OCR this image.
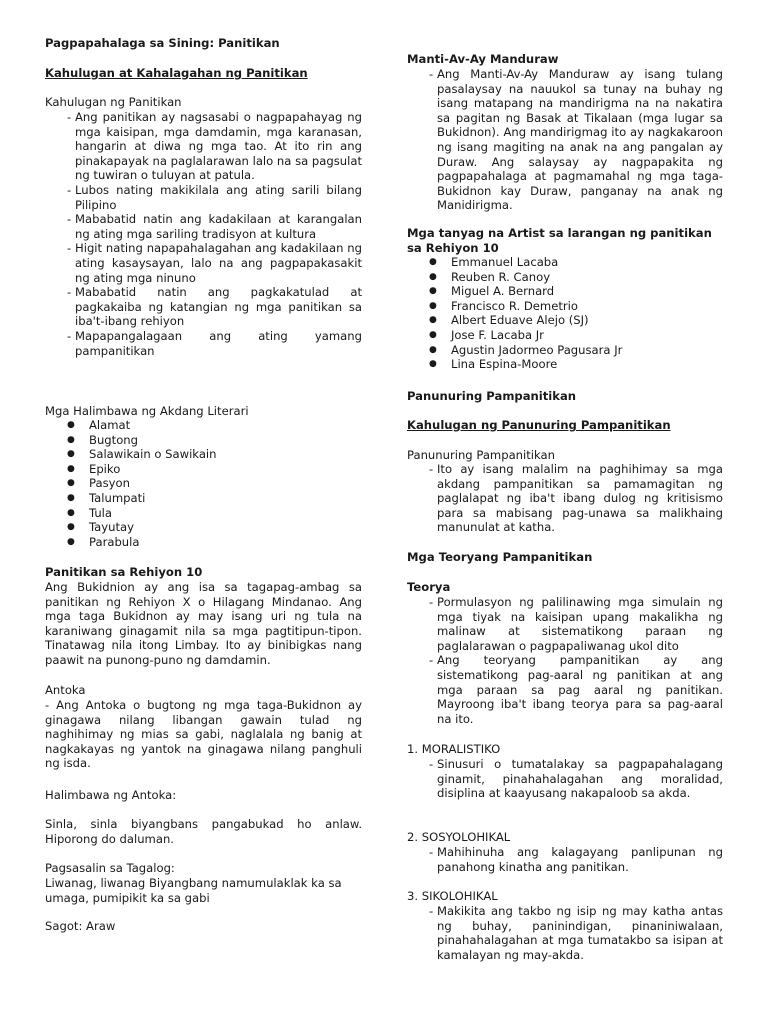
Pagpapahalaga sa Sining: Panitikan
Kahulugan at Kahalagahan ng Panitikan
Kahulugan ng Panitikan
- Ang panitikan ay nagsasabi o nagpapahayag ng mga kaisipan, mga damdamin, mga karanasan, hangarin at diwa ng mga tao. At ito rin ang pinakapayak na paglalarawan lalo na sa pagsulat ng tuwiran o tuluyan at patula.
- Lubos nating makikilala ang ating sarili bilang Pilipino
- Mababatid natin ang kadakilaan at karangalan ng ating mga sariling tradisyon at kultura
- Higit nating napapahalagahan ang kadakilaan ng ating kasaysayan, lalo na ang pagpapakasakit ng ating mga ninuno
- Mababatid natin ang pagkakatulad at pagkakaiba ng katangian ng mga panitikan sa iba't-ibang rehiyon
- Mapapangalagaan ang ating yamang pampanitikan
Mga Halimbawa ng Akdang Literari
● Alamat
● Bugtong
● Salawikain o Sawikain
● Epiko
● Pasyon
● Talumpati
● Tula
● Tayutay
● Parabula
Panitikan sa Rehiyon 10

Ang Bukidnion ay ang isa sa tagapag-ambag sa panitikan ng Rehiyon X o Hilagang Mindanao. Ang mga taga Bukidnon ay may isang uri ng tula na karaniwang ginagamit nila sa mga pagtitipun-tipon. Tinatawag nila itong Limbay. Ito ay binibigkas nang paawit na punong-puno ng damdamin.

Antoka

- Ang Antoka o bugtong ng mga taga-Bukidnon ay ginagawa nilang libangan gawain tulad ng naghihimay ng mias sa gabi, naglalala ng banig at nagkakayas ng yantok na ginagawa nilang panghuli ng isda.

Halimbawa ng Antoka:

Sinla, sinla biyangbans pangabukad ho anlaw. Hiporong do daluman.

Pagsasalin sa Tagalog:

Liwanag, liwanag Biyangbang namumulaklak ka sa umaga, pumipikit ka sa gabi

Sagot: Araw
Manti-Av-Ay Manduraw
- Ang Manti-Av-Ay Manduraw ay isang tulang pasalaysay na nauukol sa tunay na buhay ng isang matapang na mandirigma na na nakatira sa pagitan ng Basak at Tikalaan (mga lugar sa Bukidnon). Ang mandirigmag ito ay nagkakaroon ng isang magiting na anak na ang pangalan ay Duraw. Ang salaysay ay nagpapakita ng pagpapahalaga at pagmamahal ng mga taga-Bukidnon kay Duraw, panganay na anak ng Manidirigma.
Mga tanyag na Artist sa larangan ng panitikan sa Rehiyon 10
● Emmanuel Lacaba
● Reuben R. Canoy
● Miguel A. Bernard
● Francisco R. Demetrio
● Albert Eduave Alejo (SJ)
● Jose F. Lacaba Jr
● Agustin Jadormeo Pagusara Jr
● Lina Espina-Moore
Panunuring Pampanitikan
Kahulugan ng Panunuring Pampanitikan
Panunuring Pampanitikan
- Ito ay isang malalim na paghihimay sa mga akdang pampanitikan sa pamamagitan ng paglalapat ng iba't ibang dulog ng kritisismo para sa mabisang pag-unawa sa malikhaing manunulat at katha.
Mga Teoryang Pampanitikan
Teorya
- Pormulasyon ng palilinawing mga simulain ng mga tiyak na kaisipan upang makalikha ng malinaw at sistematikong paraan ng paglalarawan o pagpapaliwanag ukol dito
- Ang teoryang pampanitikan ay ang sistematikong pag-aaral ng panitikan at ang mga paraan sa pag aaral ng panitikan. Mayroong iba't ibang teorya para sa pag-aaral na ito.
1. MORALISTIKO
- Sinusuri o tumatalakay sa pagpapahalagang ginamit, pinahahalagahan ang moralidad, disiplina at kaayusang nakapaloob sa akda.
2. SOSYOLOHIKAL
- Mahihinuha ang kalagayang panlipunan ng panahong kinatha ang panitikan.
3. SIKOLOHIKAL
- Makikita ang takbo ng isip ng may katha antas ng buhay, paninindigan, pinaniniwalaan, pinahahalagahan at mga tumatakbo sa isipan at kamalayan ng may-akda.
